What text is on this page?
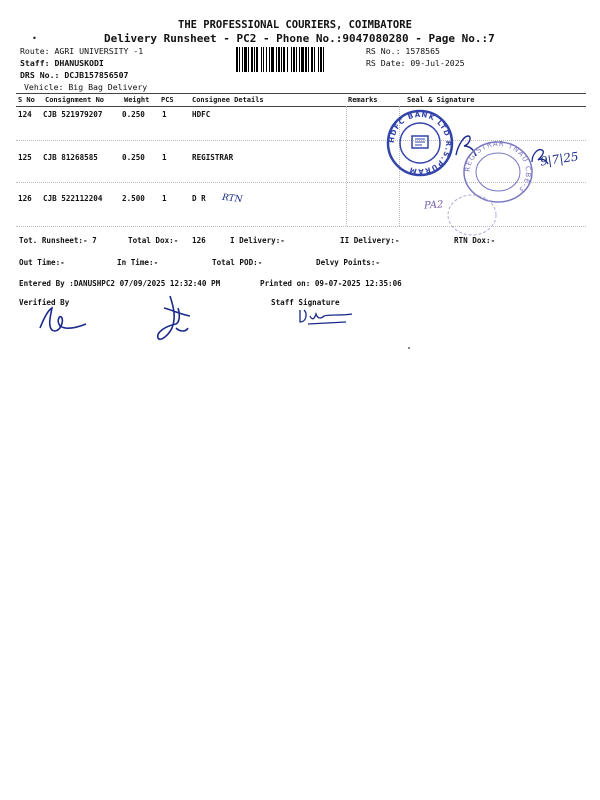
THE PROFESSIONAL COURIERS, COIMBATORE
•	Delivery Runsheet - PC2 - Phone No.:9047080280 - Page No.:7
Route: AGRI UNIVERSITY -1
Staff: DHANUSKODI
DRS No.: DCJB157856507
Vehicle: Big Bag Delivery
RS No.: 1578565
RS Date: 09-Jul-2025
S No Consignment No	Weight PCS	Consignee Details	Remarks	Seal & Signature
124 CJB 521979207	0.250 1	HDFC
125 CJB 81268585	0.250 1	REGISTRAR
126 CJB 522112204	2.500 1	D R RTN
Tot. Runsheet:- 7	Total Dox:- 126	I Delivery:-	II Delivery:-	RTN Dox:-
Out Time:-	In Time:-	Total POD:-	Delvy Points:-
Entered By :DANUSHPC2 07/09/2025 12:32:40 PM	Printed on: 09-07-2025 12:35:06
Verified By	Staff Signature
HDFC BANK LTD R.S.PURAM	REGISTRAR TNAU CBE-3
9|7|25
PA2
